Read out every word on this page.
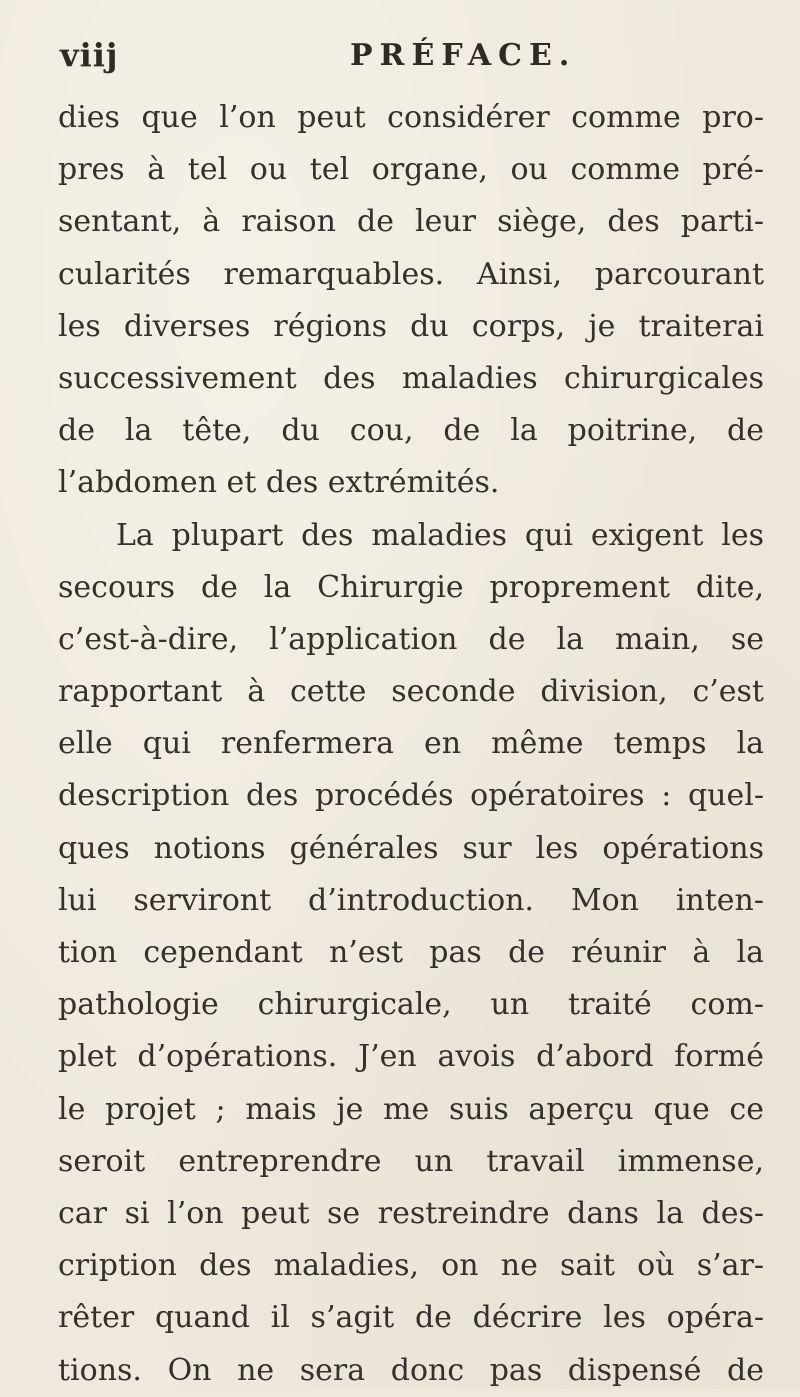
viij	PRÉFACE.
dies que l’on peut considérer comme pro-
pres à tel ou tel organe, ou comme pré-
sentant, à raison de leur siège, des parti-
cularités remarquables. Ainsi, parcourant
les diverses régions du corps, je traiterai
successivement des maladies chirurgicales
de la tête, du cou, de la poitrine, de
l’abdomen et des extrémités.
La plupart des maladies qui exigent les
secours de la Chirurgie proprement dite,
c’est-à-dire, l’application de la main, se
rapportant à cette seconde division, c’est
elle qui renfermera en même temps la
description des procédés opératoires : quel-
ques notions générales sur les opérations
lui serviront d’introduction. Mon inten-
tion cependant n’est pas de réunir à la
pathologie chirurgicale, un traité com-
plet d’opérations. J’en avois d’abord formé
le projet ; mais je me suis aperçu que ce
seroit entreprendre un travail immense,
car si l’on peut se restreindre dans la des-
cription des maladies, on ne sait où s’ar-
rêter quand il s’agit de décrire les opéra-
tions. On ne sera donc pas dispensé de
